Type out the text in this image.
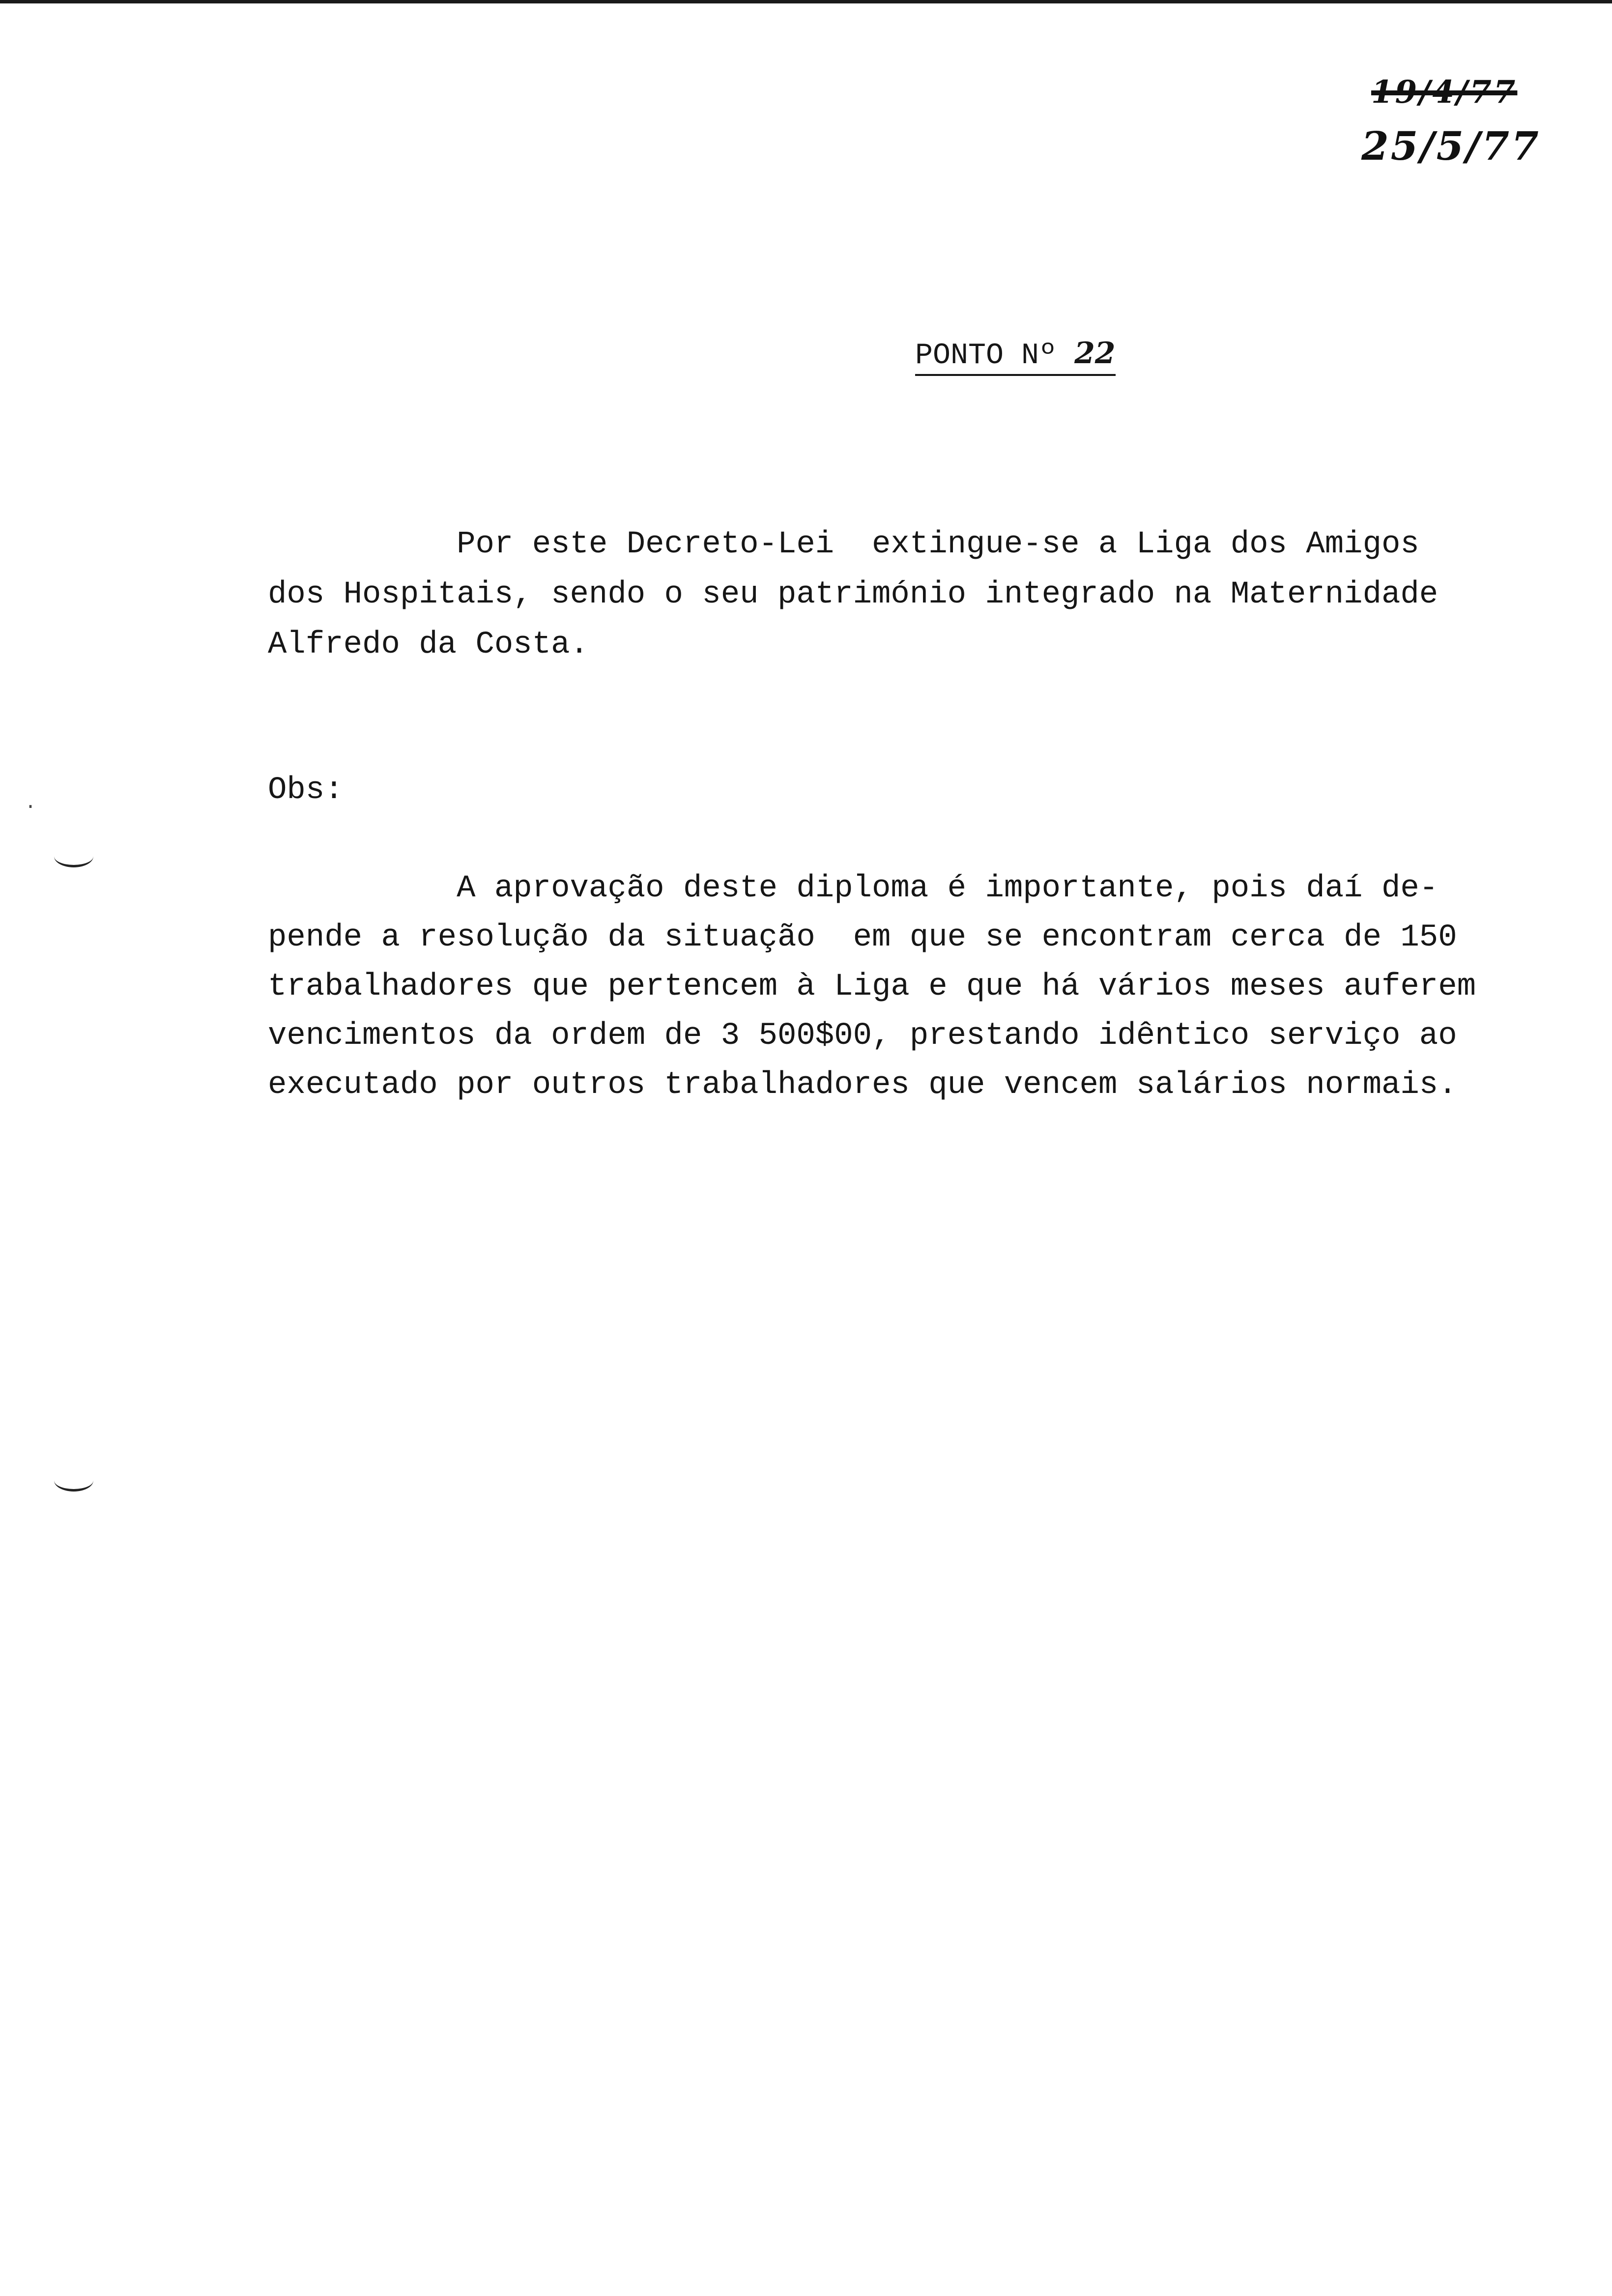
19/4/77
25/5/77
PONTO Nº 22
Por este Decreto-Lei  extingue-se a Liga dos Amigos
dos Hospitais, sendo o seu património integrado na Maternidade
Alfredo da Costa.
Obs:
A aprovação deste diploma é importante, pois daí de-
pende a resolução da situação  em que se encontram cerca de 150
trabalhadores que pertencem à Liga e que há vários meses auferem
vencimentos da ordem de 3 500$00, prestando idêntico serviço ao
executado por outros trabalhadores que vencem salários normais.
·
